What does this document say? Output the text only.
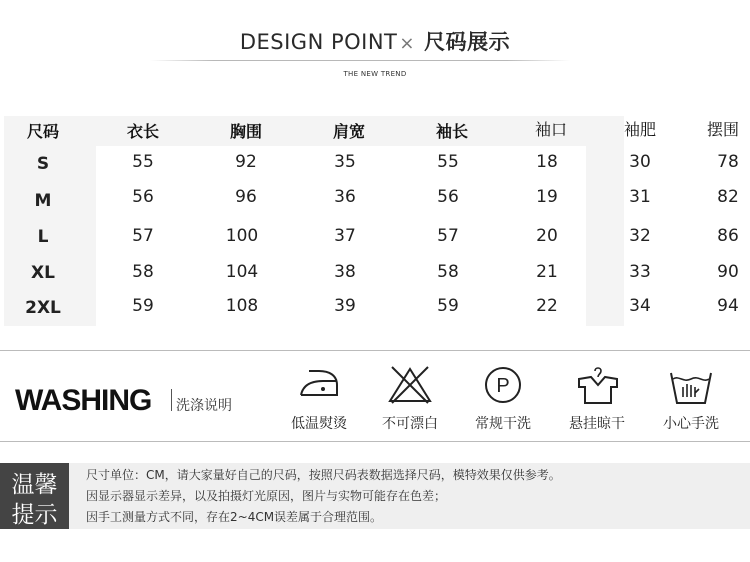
DESIGN POINT × 尺码展示
THE NEW TREND
尺码	衣长	胸围	肩宽	袖长	袖口	袖肥	摆围
S	55	92	35	55	18	30	78
M	56	96	36	56	19	31	82
L	57	100	37	57	20	32	86
XL	58	104	38	58	21	33	90
2XL	59	108	39	59	22	34	94
WASHING 洗涤说明
低温熨烫	不可漂白
P
常规干洗	悬挂晾干	小心手洗
温馨
提示
尺寸单位：CM，请大家量好自己的尺码，按照尺码表数据选择尺码，模特效果仅供参考。
因显示器显示差异，以及拍摄灯光原因，图片与实物可能存在色差；
因手工测量方式不同，存在2~4CM误差属于合理范围。
